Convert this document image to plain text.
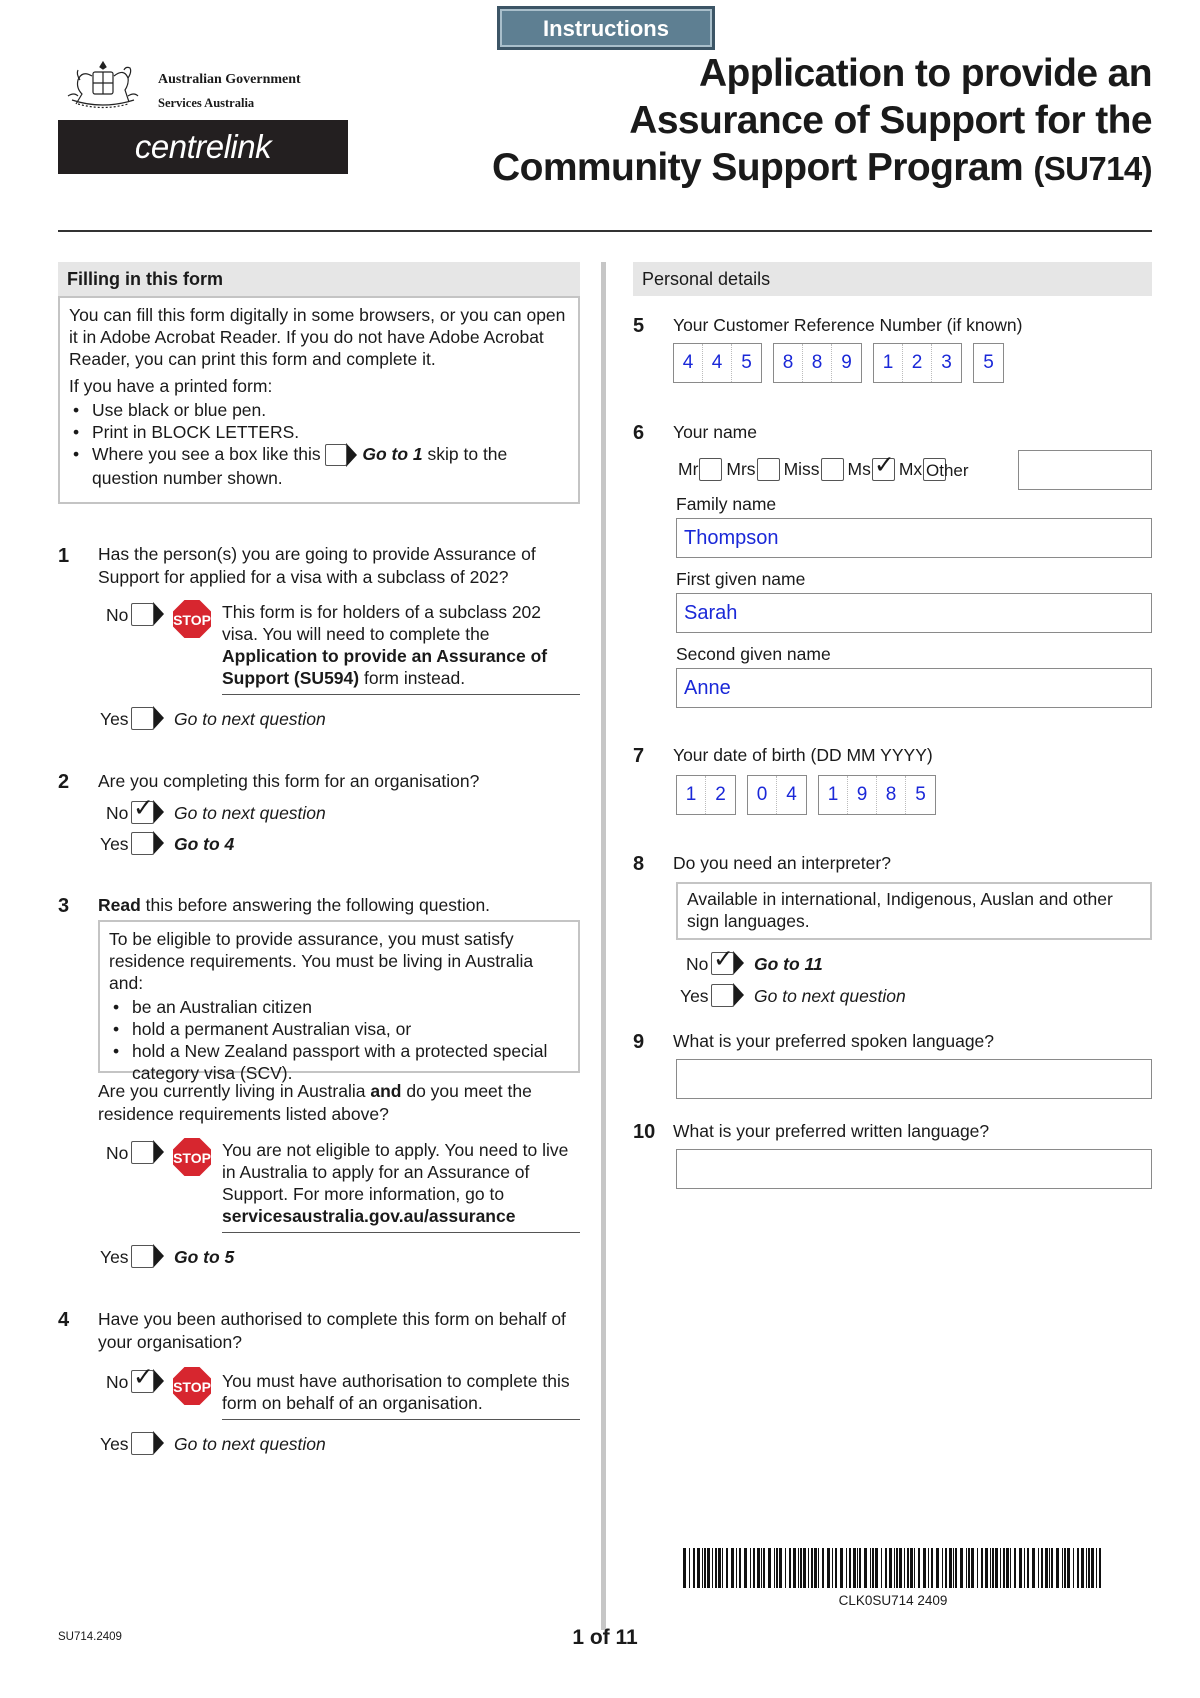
Instructions
Australian Government
Services Australia
centrelink
Application to provide an
Assurance of Support for the
Community Support Program (SU714)
Filling in this form

You can fill this form digitally in some browsers, or you can open it in Adobe Acrobat Reader. If you do not have Adobe Acrobat Reader, you can print this form and complete it.

If you have a printed form:

• Use black or blue pen.
• Print in BLOCK LETTERS.
• Where you see a box like this Go to 1 skip to the question number shown.
1 Has the person(s) you are going to provide Assurance of Support for applied for a visa with a subclass of 202?
No	STOP This form is for holders of a subclass 202 visa. You will need to complete the Application to provide an Assurance of Support (SU594) form instead.
Yes	Go to next question
2 Are you completing this form for an organisation?
No ✓ Go to next question
Yes	Go to 4
3 Read this before answering the following question.

To be eligible to provide assurance, you must satisfy residence requirements. You must be living in Australia and:

• be an Australian citizen
• hold a permanent Australian visa, or
• hold a New Zealand passport with a protected special category visa (SCV).
Are you currently living in Australia and do you meet the residence requirements listed above?
No	STOP You are not eligible to apply. You need to live in Australia to apply for an Assurance of Support. For more information, go to
servicesaustralia.gov.au/assurance
Yes	Go to 5
4 Have you been authorised to complete this form on behalf of your organisation?
No ✓ STOP You must have authorisation to complete this form on behalf of an organisation.
Yes	Go to next question
Personal details
5 Your Customer Reference Number (if known)
4 4 5	8 8 9	1 2 3	5
6 Your name
Mr Mrs Miss Ms ✓ Mx Other
Family name
Thompson
First given name
Sarah
Second given name
Anne
7 Your date of birth (DD MM YYYY)
1 2	0 4	1 9 8 5
8 Do you need an interpreter?
Available in international, Indigenous, Auslan and other sign languages.
No ✓ Go to 11
Yes	Go to next question
9 What is your preferred spoken language?
10 What is your preferred written language?
CLK0SU714 2409
SU714.2409	1 of 11
